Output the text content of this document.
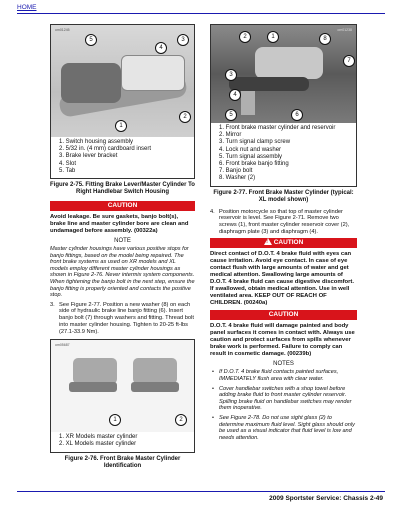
HOME
om01245
5
4
3
1
2
1. Switch housing assembly
2. 5/32 in. (4 mm) cardboard insert
3. Brake lever bracket
4. Slot
5. Tab
Figure 2-75. Fitting Brake Lever/Master Cylinder To Right Handlebar Switch Housing
CAUTION

Avoid leakage. Be sure gaskets, banjo bolt(s), brake line and master cylinder bore are clean and undamaged before assembly. (00322a)

NOTE

Master cylinder housings have various positive stops for banjo fittings, based on the model being repaired. The front brake systems as used on XR models and XL models employ different master cylinder housings as shown in Figure 2-76. Never intermix system components. When tightening the banjo bolt in the next step, ensure the banjo fitting is properly oriented and contacts the positive stop.

3. See Figure 2-77. Position a new washer (8) on each side of hydraulic brake line banjo fitting (6). Insert banjo bolt (7) through washers and fitting. Thread bolt into master cylinder housing. Tighten to 20-25 ft-lbs (27.1-33.9 Nm).
om05687
1	2
1. XR Models master cylinder
2. XL Models master cylinder
Figure 2-76. Front Brake Master Cylinder Identification
om01238
2	1	8
7
3
4
5	6
1. Front brake master cylinder and reservoir
2. Mirror
3. Turn signal clamp screw
4. Lock nut and washer
5. Turn signal assembly
6. Front brake banjo fitting
7. Banjo bolt
8. Washer (2)
Figure 2-77. Front Brake Master Cylinder (typical: XL model shown)
4. Position motorcycle so that top of master cylinder reservoir is level. See Figure 2-71. Remove two screws (1), front master cylinder reservoir cover (2), diaphragm plate (3) and diaphragm (4).
!CAUTION

Direct contact of D.O.T. 4 brake fluid with eyes can cause irritation. Avoid eye contact. In case of eye contact flush with large amounts of water and get medical attention. Swallowing large amounts of D.O.T. 4 brake fluid can cause digestive discomfort. If swallowed, obtain medical attention. Use in well ventilated area. KEEP OUT OF REACH OF CHILDREN. (00240a)

CAUTION

D.O.T. 4 brake fluid will damage painted and body panel surfaces it comes in contact with. Always use caution and protect surfaces from spills whenever brake work is performed. Failure to comply can result in cosmetic damage. (00239b)

NOTES
• If D.O.T. 4 brake fluid contacts painted surfaces, IMMEDIATELY flush area with clear water.
• Cover handlebar switches with a shop towel before adding brake fluid to front master cylinder reservoir. Spilling brake fluid on handlebar switches may render them inoperative.
• See Figure 2-78. Do not use sight glass (2) to determine maximum fluid level. Sight glass should only be used as a visual indicator that fluid level is low and needs attention.
2009 Sportster Service: Chassis 2-49
